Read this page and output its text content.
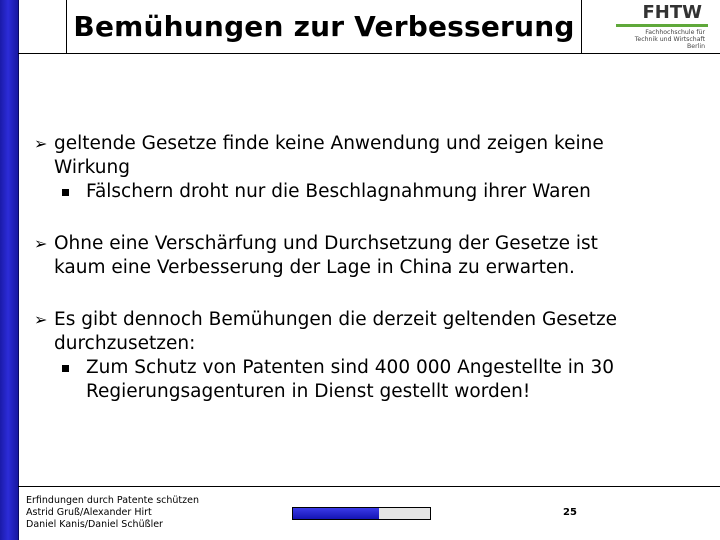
Bemühungen zur Verbesserung	FHTW
Fachhochschule für
Technik und Wirtschaft
Berlin
➢ geltende Gesetze finde keine Anwendung und zeigen keine
Wirkung
Fälschern droht nur die Beschlagnahmung ihrer Waren
➢ Ohne eine Verschärfung und Durchsetzung der Gesetze ist
kaum eine Verbesserung der Lage in China zu erwarten.
➢ Es gibt dennoch Bemühungen die derzeit geltenden Gesetze
durchzusetzen:
Zum Schutz von Patenten sind 400 000 Angestellte in 30
Regierungsagenturen in Dienst gestellt worden!
Erfindungen durch Patente schützen
Astrid Gruß/Alexander Hirt
Daniel Kanis/Daniel Schüßler
25
